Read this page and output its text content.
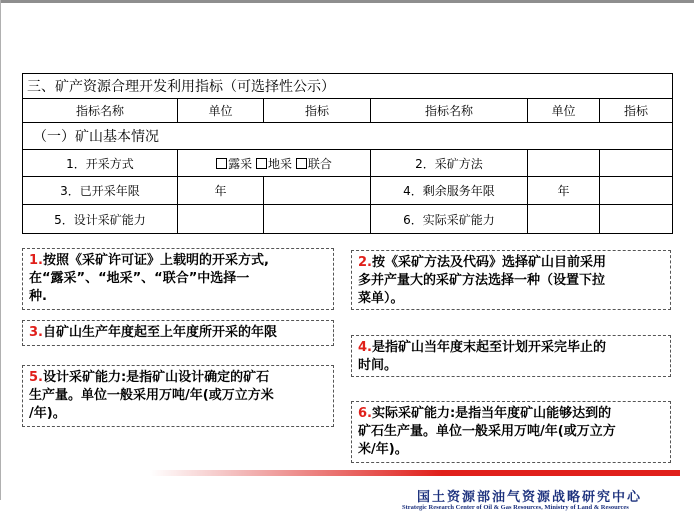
三、矿产资源合理开发利用指标（可选择性公示）					
指标名称	单位	指标	指标名称	单位	指标
（一）矿山基本情况					
1．开采方式	露采 地采 联合		2．采矿方法		
3．已开采年限	年		4．剩余服务年限	年	
5．设计采矿能力			6．实际采矿能力		
1.按照《采矿许可证》上载明的开采方式,
在“露采”、“地采”、“联合”中选择一
种.
2.按《采矿方法及代码》选择矿山目前采用
多并产量大的采矿方法选择一种（设置下拉
菜单）。
3.自矿山生产年度起至上年度所开采的年限
4.是指矿山当年度末起至计划开采完毕止的
时间。
5.设计采矿能力:是指矿山设计确定的矿石
生产量。单位一般采用万吨/年(或万立方米
/年)。	6.实际采矿能力:是指当年度矿山能够达到的
矿石生产量。单位一般采用万吨/年(或万立方
米/年)。
国土资源部油气资源战略研究中心
Strategic Research Center of Oil & Gas Resources, Ministry of Land & Resources
